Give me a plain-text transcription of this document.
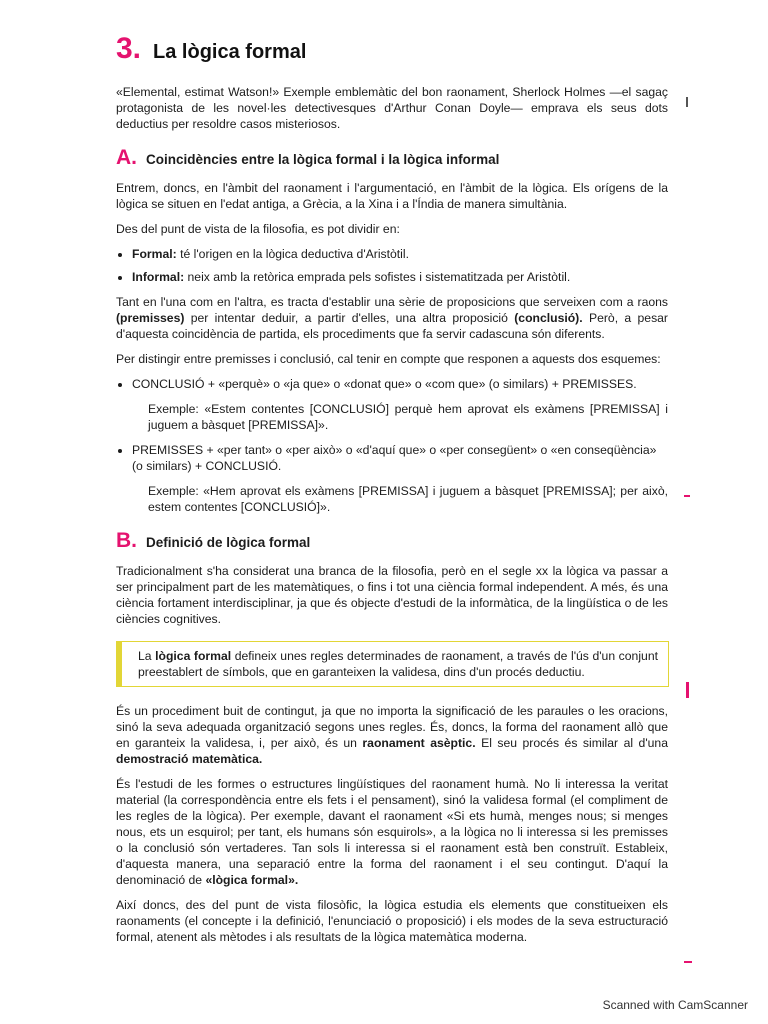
3. La lògica formal

«Elemental, estimat Watson!» Exemple emblemàtic del bon raonament, Sherlock Holmes —el sagaç protagonista de les novel·les detectivesques d'Arthur Conan Doyle— emprava els seus dots deductius per resoldre casos misteriosos.

A. Coincidències entre la lògica formal i la lògica informal

Entrem, doncs, en l'àmbit del raonament i l'argumentació, en l'àmbit de la lògica. Els orígens de la lògica se situen en l'edat antiga, a Grècia, a la Xina i a l'Índia de manera simultània.

Des del punt de vista de la filosofia, es pot dividir en:

• Formal: té l'origen en la lògica deductiva d'Aristòtil.
• Informal: neix amb la retòrica emprada pels sofistes i sistematitzada per Aristòtil.

Tant en l'una com en l'altra, es tracta d'establir una sèrie de proposicions que serveixen com a raons (premisses) per intentar deduir, a partir d'elles, una altra proposició (conclusió). Però, a pesar d'aquesta coincidència de partida, els procediments que fa servir cadascuna són diferents.

Per distingir entre premisses i conclusió, cal tenir en compte que responen a aquests dos esquemes:

• CONCLUSIÓ + «perquè» o «ja que» o «donat que» o «com que» (o similars) + PREMISSES.

Exemple: «Estem contentes [CONCLUSIÓ] perquè hem aprovat els exàmens [PREMISSA] i juguem a bàsquet [PREMISSA]».

• PREMISSES + «per tant» o «per això» o «d'aquí que» o «per consegüent» o «en conseqüència» (o similars) + CONCLUSIÓ.

Exemple: «Hem aprovat els exàmens [PREMISSA] i juguem a bàsquet [PREMISSA]; per això, estem contentes [CONCLUSIÓ]».

B. Definició de lògica formal

Tradicionalment s'ha considerat una branca de la filosofia, però en el segle xx la lògica va passar a ser principalment part de les matemàtiques, o fins i tot una ciència formal independent. A més, és una ciència fortament interdisciplinar, ja que és objecte d'estudi de la informàtica, de la lingüística o de les ciències cognitives.

La lògica formal defineix unes regles determinades de raonament, a través de l'ús d'un conjunt preestablert de símbols, que en garanteixen la validesa, dins d'un procés deductiu.

És un procediment buit de contingut, ja que no importa la significació de les paraules o les oracions, sinó la seva adequada organització segons unes regles. És, doncs, la forma del raonament allò que en garanteix la validesa, i, per això, és un raonament asèptic. El seu procés és similar al d'una demostració matemàtica.

És l'estudi de les formes o estructures lingüístiques del raonament humà. No li interessa la veritat material (la correspondència entre els fets i el pensament), sinó la validesa formal (el compliment de les regles de la lògica). Per exemple, davant el raonament «Si ets humà, menges nous; si menges nous, ets un esquirol; per tant, els humans són esquirols», a la lògica no li interessa si les premisses o la conclusió són vertaderes. Tan sols li interessa si el raonament està ben construït. Estableix, d'aquesta manera, una separació entre la forma del raonament i el seu contingut. D'aquí la denominació de «lògica formal».

Així doncs, des del punt de vista filosòfic, la lògica estudia els elements que constitueixen els raonaments (el concepte i la definició, l'enunciació o proposició) i els modes de la seva estructuració formal, atenent als mètodes i als resultats de la lògica matemàtica moderna.

Scanned with CamScanner
